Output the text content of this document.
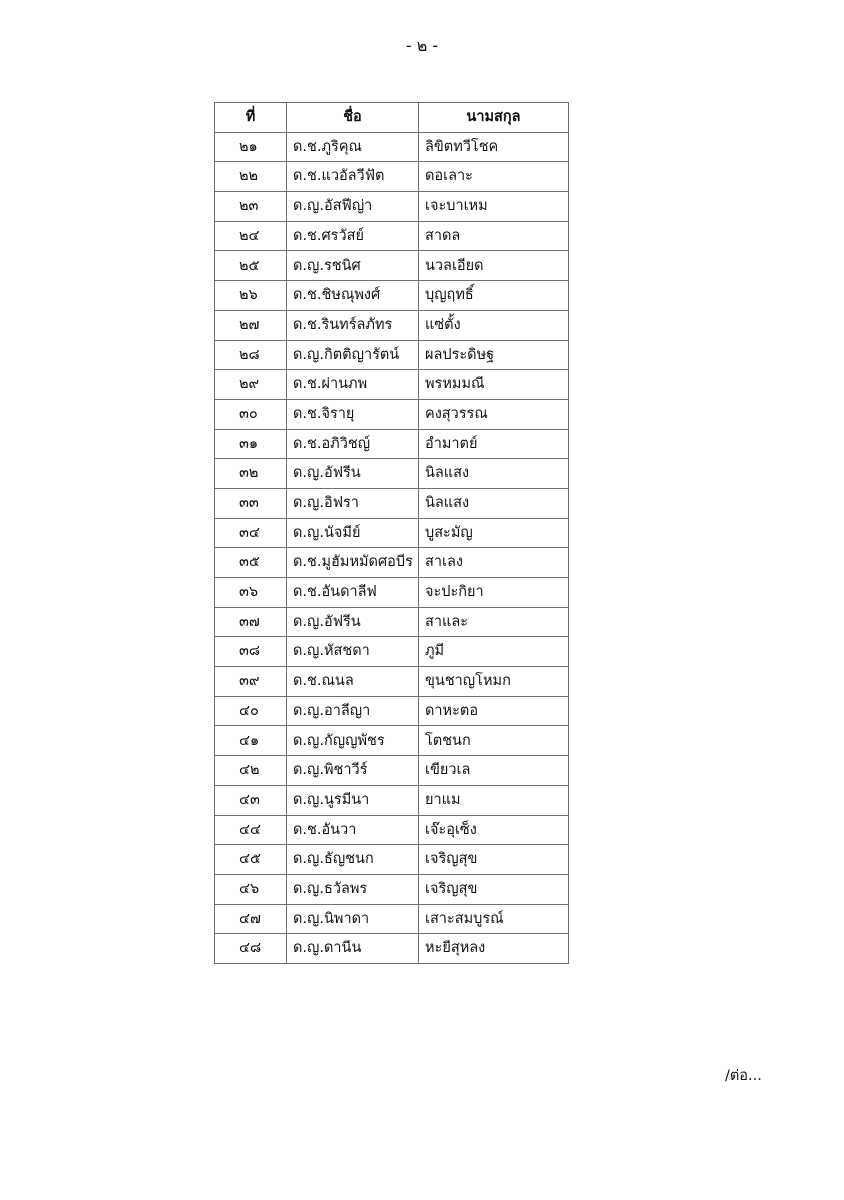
- ๒ -
ที่	ชื่อ	นามสกุล
๒๑	ด.ช.ภูริคุณ	ลิขิตทวีโชค
๒๒	ด.ช.แวอัลวีฟัต	ดอเลาะ
๒๓	ด.ญ.อัสฟีญ่า	เจะบาเหม
๒๔	ด.ช.ศรวัสย์	สาดล
๒๕	ด.ญ.รชนิศ	นวลเอียด
๒๖	ด.ช.ชิษณุพงศ์	บุญฤทธิ์
๒๗	ด.ช.รินทร์ลภัทร	แซ่ตั้ง
๒๘	ด.ญ.กิตติญารัตน์	ผลประดิษฐ
๒๙	ด.ช.ผ่านภพ	พรหมมณี
๓๐	ด.ช.จิรายุ	คงสุวรรณ
๓๑	ด.ช.อภิวิชญ์	อำมาตย์
๓๒	ด.ญ.อัฟรีน	นิลแสง
๓๓	ด.ญ.อิฟรา	นิลแสง
๓๔	ด.ญ.นัจมีย์	บูสะมัญ
๓๕	ด.ช.มูฮัมหมัดศอบีร	สาเลง
๓๖	ด.ช.อันดาลีฟ	จะปะกิยา
๓๗	ด.ญ.อัฟรีน	สาและ
๓๘	ด.ญ.หัสชดา	ภูมี
๓๙	ด.ช.ณนล	ขุนชาญโหมก
๔๐	ด.ญ.อาลีญา	ดาหะตอ
๔๑	ด.ญ.กัญญพัชร	โตชนก
๔๒	ด.ญ.พิชาวีร์	เขียวเล
๔๓	ด.ญ.นูรมีนา	ยาแม
๔๔	ด.ช.อันวา	เจ๊ะอุเซ็ง
๔๕	ด.ญ.ธัญชนก	เจริญสุข
๔๖	ด.ญ.ธวัลพร	เจริญสุข
๔๗	ด.ญ.นิพาดา	เสาะสมบูรณ์
๔๘	ด.ญ.ดานีน	หะยีสุหลง
/ต่อ...
